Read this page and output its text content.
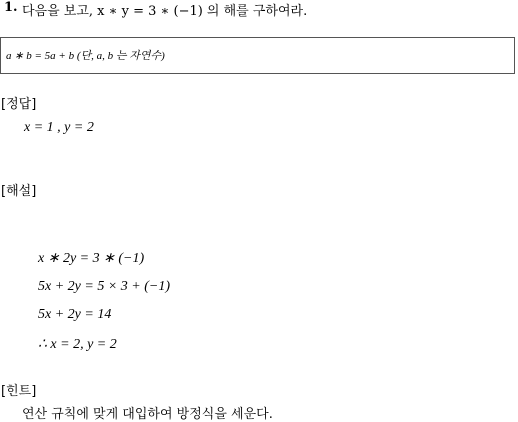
1. 다음을 보고, x ∗ y = 3 ∗ (−1) 의 해를 구하여라.
a ∗ b = 5a + b (단, a, b 는 자연수)
[정답]
x = 1 , y = 2
[해설]
x ∗ 2y = 3 ∗ (−1)
5x + 2y = 5 × 3 + (−1)
5x + 2y = 14
∴ x = 2, y = 2
[힌트]
연산 규칙에 맞게 대입하여 방정식을 세운다.
